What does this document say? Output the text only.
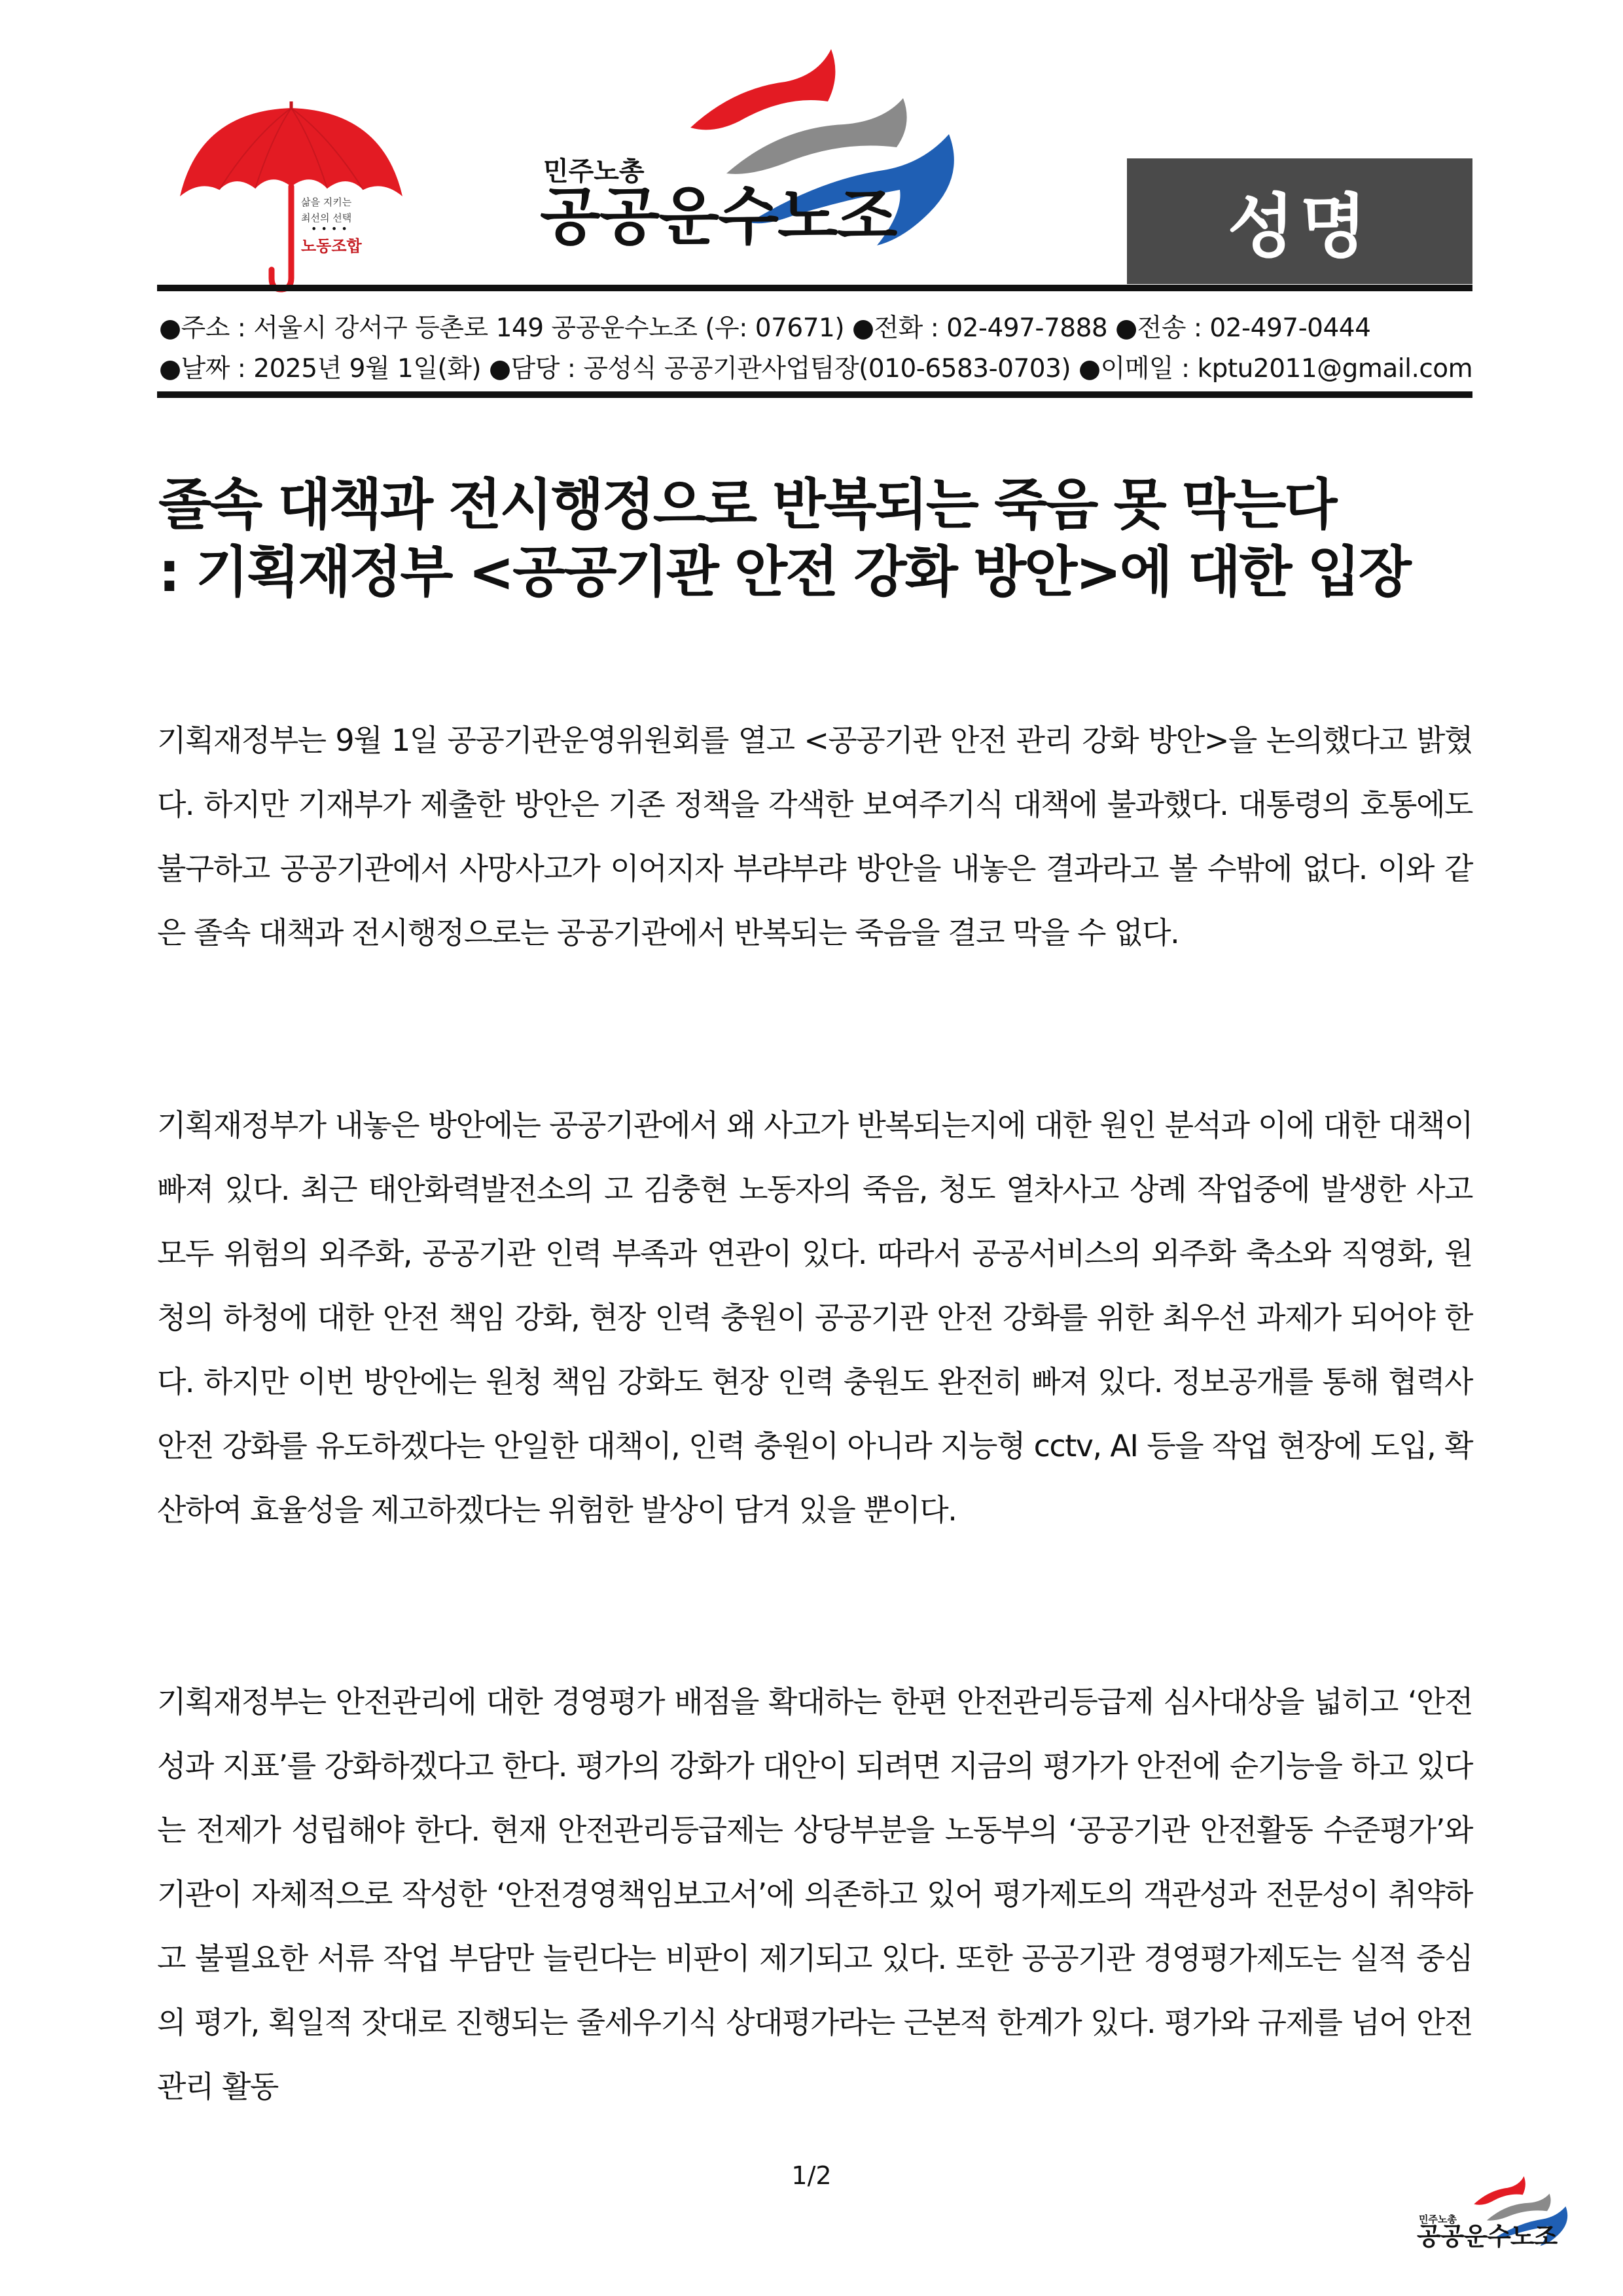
삶을 지키는
최선의 선택
••••
노동조합
민주노총
공공운수노조	성명
●주소 : 서울시 강서구 등촌로 149 공공운수노조 (우: 07671) ●전화 : 02-497-7888 ●전송 : 02-497-0444
●날짜 : 2025년 9월 1일(화) ●담당 : 공성식 공공기관사업팀장(010-6583-0703) ●이메일 : kptu2011@gmail.com
졸속 대책과 전시행정으로 반복되는 죽음 못 막는다
: 기획재정부 <공공기관 안전 강화 방안>에 대한 입장

기획재정부는 9월 1일 공공기관운영위원회를 열고 <공공기관 안전 관리 강화 방안>을 논의했다고 밝혔다. 하지만 기재부가 제출한 방안은 기존 정책을 각색한 보여주기식 대책에 불과했다. 대통령의 호통에도 불구하고 공공기관에서 사망사고가 이어지자 부랴부랴 방안을 내놓은 결과라고 볼 수밖에 없다. 이와 같은 졸속 대책과 전시행정으로는 공공기관에서 반복되는 죽음을 결코 막을 수 없다.

기획재정부가 내놓은 방안에는 공공기관에서 왜 사고가 반복되는지에 대한 원인 분석과 이에 대한 대책이 빠져 있다. 최근 태안화력발전소의 고 김충현 노동자의 죽음, 청도 열차사고 상례 작업중에 발생한 사고 모두 위험의 외주화, 공공기관 인력 부족과 연관이 있다. 따라서 공공서비스의 외주화 축소와 직영화, 원청의 하청에 대한 안전 책임 강화, 현장 인력 충원이 공공기관 안전 강화를 위한 최우선 과제가 되어야 한다. 하지만 이번 방안에는 원청 책임 강화도 현장 인력 충원도 완전히 빠져 있다. 정보공개를 통해 협력사 안전 강화를 유도하겠다는 안일한 대책이, 인력 충원이 아니라 지능형 cctv, AI 등을 작업 현장에 도입, 확산하여 효율성을 제고하겠다는 위험한 발상이 담겨 있을 뿐이다.

기획재정부는 안전관리에 대한 경영평가 배점을 확대하는 한편 안전관리등급제 심사대상을 넓히고 ‘안전성과 지표’를 강화하겠다고 한다. 평가의 강화가 대안이 되려면 지금의 평가가 안전에 순기능을 하고 있다는 전제가 성립해야 한다. 현재 안전관리등급제는 상당부분을 노동부의 ‘공공기관 안전활동 수준평가’와 기관이 자체적으로 작성한 ‘안전경영책임보고서’에 의존하고 있어 평가제도의 객관성과 전문성이 취약하고 불필요한 서류 작업 부담만 늘린다는 비판이 제기되고 있다. 또한 공공기관 경영평가제도는 실적 중심의 평가, 획일적 잣대로 진행되는 줄세우기식 상대평가라는 근본적 한계가 있다. 평가와 규제를 넘어 안전 관리 활동

1/2
민주노총
공공운수노조
